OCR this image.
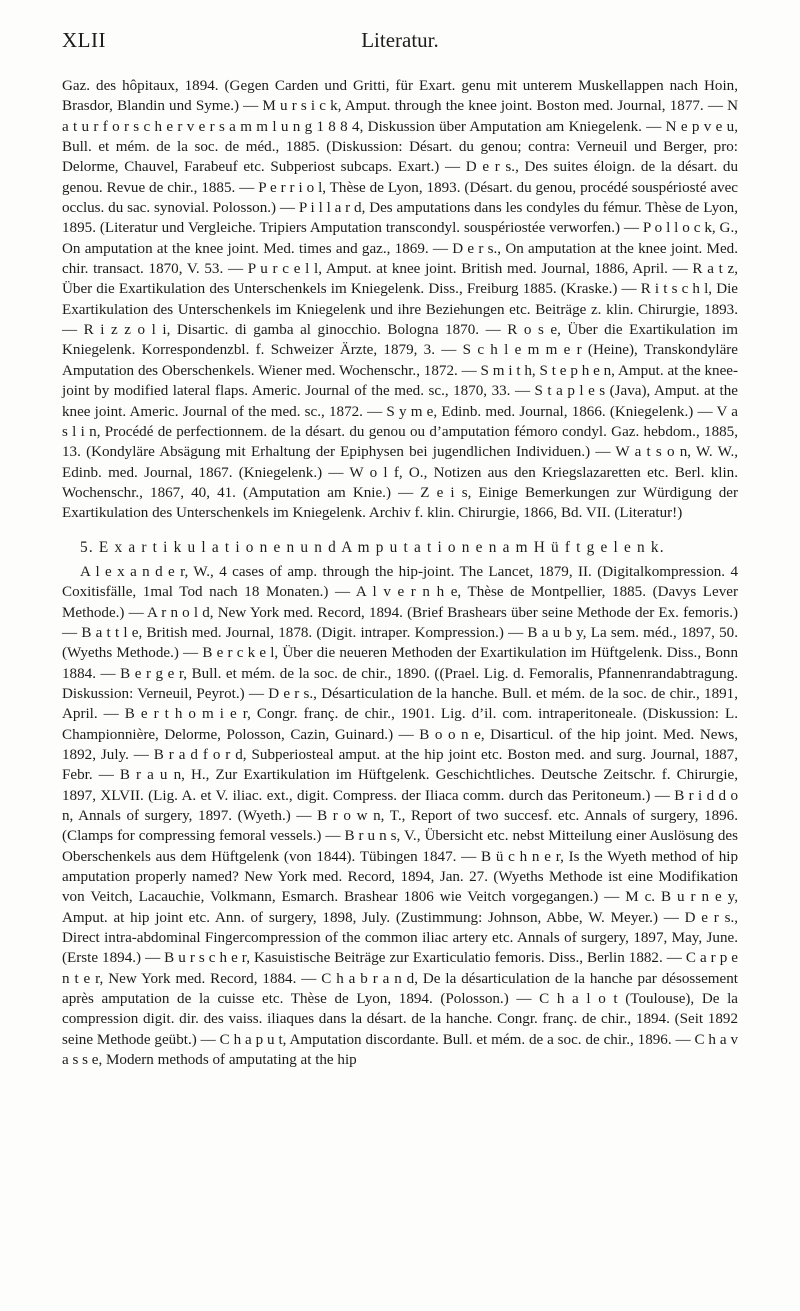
XLII	Literatur.

Gaz. des hôpitaux, 1894. (Gegen Carden und Gritti, für Exart. genu mit unterem Muskellappen nach Hoin, Brasdor, Blandin und Syme.) — M u r s i c k, Amput. through the knee joint. Boston med. Journal, 1877. — N a t u r f o r s c h e r v e r s a m m l u n g 1 8 8 4, Diskussion über Amputation am Kniegelenk. — N e p v e u, Bull. et mém. de la soc. de méd., 1885. (Diskussion: Désart. du genou; contra: Verneuil und Berger, pro: Delorme, Chauvel, Farabeuf etc. Subperiost subcaps. Exart.) — D e r s., Des suites éloign. de la désart. du genou. Revue de chir., 1885. — P e r r i o l, Thèse de Lyon, 1893. (Désart. du genou, procédé souspériosté avec occlus. du sac. synovial. Polosson.) — P i l l a r d, Des amputations dans les condyles du fémur. Thèse de Lyon, 1895. (Literatur und Vergleiche. Tripiers Amputation transcondyl. souspériostée verworfen.) — P o l l o c k, G., On amputation at the knee joint. Med. times and gaz., 1869. — D e r s., On amputation at the knee joint. Med. chir. transact. 1870, V. 53. — P u r c e l l, Amput. at knee joint. British med. Journal, 1886, April. — R a t z, Über die Exartikulation des Unterschenkels im Kniegelenk. Diss., Freiburg 1885. (Kraske.) — R i t s c h l, Die Exartikulation des Unterschenkels im Kniegelenk und ihre Beziehungen etc. Beiträge z. klin. Chirurgie, 1893. — R i z z o l i, Disartic. di gamba al ginocchio. Bologna 1870. — R o s e, Über die Exartikulation im Kniegelenk. Korrespondenzbl. f. Schweizer Ärzte, 1879, 3. — S c h l e m m e r (Heine), Transkondyläre Amputation des Oberschenkels. Wiener med. Wochenschr., 1872. — S m i t h, S t e p h e n, Amput. at the knee-joint by modified lateral flaps. Americ. Journal of the med. sc., 1870, 33. — S t a p l e s (Java), Amput. at the knee joint. Americ. Journal of the med. sc., 1872. — S y m e, Edinb. med. Journal, 1866. (Kniegelenk.) — V a s l i n, Procédé de perfectionnem. de la désart. du genou ou d’amputation fémoro condyl. Gaz. hebdom., 1885, 13. (Kondyläre Absägung mit Erhaltung der Epiphysen bei jugendlichen Individuen.) — W a t s o n, W. W., Edinb. med. Journal, 1867. (Kniegelenk.) — W o l f, O., Notizen aus den Kriegslazaretten etc. Berl. klin. Wochenschr., 1867, 40, 41. (Amputation am Knie.) — Z e i s, Einige Bemerkungen zur Würdigung der Exartikulation des Unterschenkels im Kniegelenk. Archiv f. klin. Chirurgie, 1866, Bd. VII. (Literatur!)

5. E x a r t i k u l a t i o n e n u n d A m p u t a t i o n e n a m H ü f t g e l e n k.

A l e x a n d e r, W., 4 cases of amp. through the hip-joint. The Lancet, 1879, II. (Digitalkompression. 4 Coxitisfälle, 1mal Tod nach 18 Monaten.) — A l v e r n h e, Thèse de Montpellier, 1885. (Davys Lever Methode.) — A r n o l d, New York med. Record, 1894. (Brief Brashears über seine Methode der Ex. femoris.) — B a t t l e, British med. Journal, 1878. (Digit. intraper. Kompression.) — B a u b y, La sem. méd., 1897, 50. (Wyeths Methode.) — B e r c k e l, Über die neueren Methoden der Exartikulation im Hüftgelenk. Diss., Bonn 1884. — B e r g e r, Bull. et mém. de la soc. de chir., 1890. ((Prael. Lig. d. Femoralis, Pfannenrandabtragung. Diskussion: Verneuil, Peyrot.) — D e r s., Désarticulation de la hanche. Bull. et mém. de la soc. de chir., 1891, April. — B e r t h o m i e r, Congr. franç. de chir., 1901. Lig. d’il. com. intraperitoneale. (Diskussion: L. Championnière, Delorme, Polosson, Cazin, Guinard.) — B o o n e, Disarticul. of the hip joint. Med. News, 1892, July. — B r a d f o r d, Subperiosteal amput. at the hip joint etc. Boston med. and surg. Journal, 1887, Febr. — B r a u n, H., Zur Exartikulation im Hüftgelenk. Geschichtliches. Deutsche Zeitschr. f. Chirurgie, 1897, XLVII. (Lig. A. et V. iliac. ext., digit. Compress. der Iliaca comm. durch das Peritoneum.) — B r i d d o n, Annals of surgery, 1897. (Wyeth.) — B r o w n, T., Report of two succesf. etc. Annals of surgery, 1896. (Clamps for compressing femoral vessels.) — B r u n s, V., Übersicht etc. nebst Mitteilung einer Auslösung des Oberschenkels aus dem Hüftgelenk (von 1844). Tübingen 1847. — B ü c h n e r, Is the Wyeth method of hip amputation properly named? New York med. Record, 1894, Jan. 27. (Wyeths Methode ist eine Modifikation von Veitch, Lacauchie, Volkmann, Esmarch. Brashear 1806 wie Veitch vorgegangen.) — M c. B u r n e y, Amput. at hip joint etc. Ann. of surgery, 1898, July. (Zustimmung: Johnson, Abbe, W. Meyer.) — D e r s., Direct intra-abdominal Fingercompression of the common iliac artery etc. Annals of surgery, 1897, May, June. (Erste 1894.) — B u r s c h e r, Kasuistische Beiträge zur Exarticulatio femoris. Diss., Berlin 1882. — C a r p e n t e r, New York med. Record, 1884. — C h a b r a n d, De la désarticulation de la hanche par désossement après amputation de la cuisse etc. Thèse de Lyon, 1894. (Polosson.) — C h a l o t (Toulouse), De la compression digit. dir. des vaiss. iliaques dans la désart. de la hanche. Congr. franç. de chir., 1894. (Seit 1892 seine Methode geübt.) — C h a p u t, Amputation discordante. Bull. et mém. de a soc. de chir., 1896. — C h a v a s s e, Modern methods of amputating at the hip
